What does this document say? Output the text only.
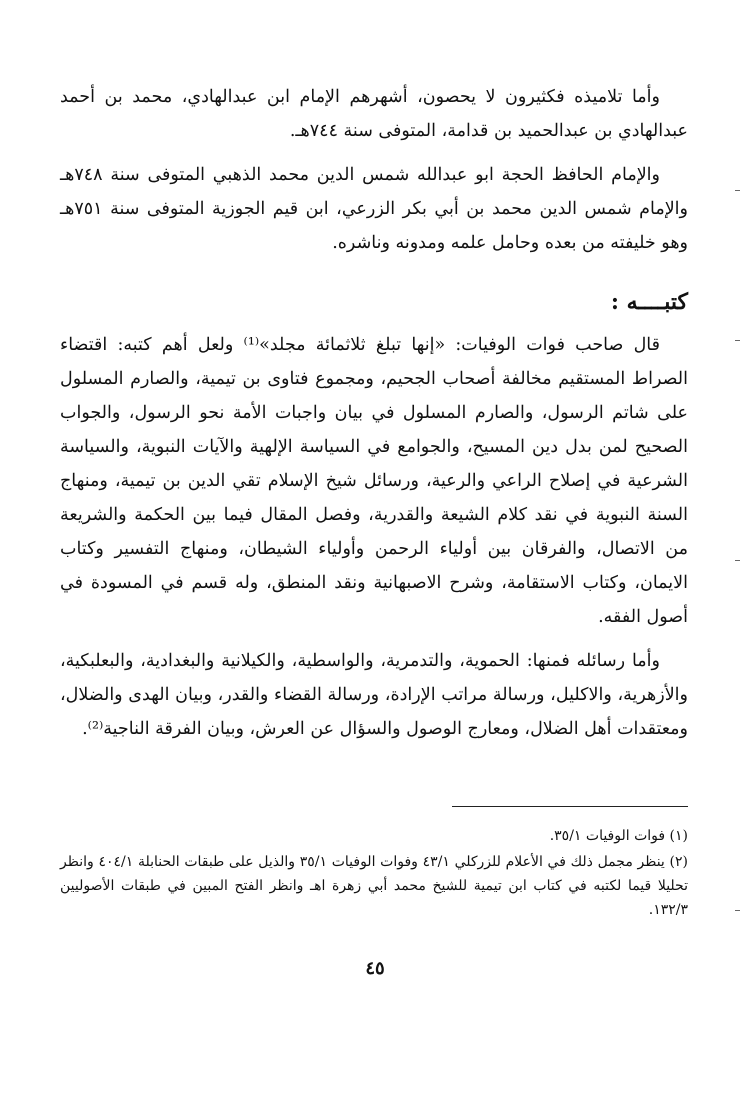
وأما تلاميذه فكثيرون لا يحصون، أشهرهم الإمام ابن عبدالهادي، محمد بن أحمد عبدالهادي بن عبدالحميد بن قدامة، المتوفى سنة ٧٤٤هـ.

والإمام الحافظ الحجة ابو عبدالله شمس الدين محمد الذهبي المتوفى سنة ٧٤٨هـ والإمام شمس الدين محمد بن أبي بكر الزرعي، ابن قيم الجوزية المتوفى سنة ٧٥١هـ وهو خليفته من بعده وحامل علمه ومدونه وناشره.

كتبــــه :

قال صاحب فوات الوفيات: «إنها تبلغ ثلاثمائة مجلد»⁽¹⁾ ولعل أهم كتبه: اقتضاء الصراط المستقيم مخالفة أصحاب الجحيم، ومجموع فتاوى بن تيمية، والصارم المسلول على شاتم الرسول، والصارم المسلول في بيان واجبات الأمة نحو الرسول، والجواب الصحيح لمن بدل دين المسيح، والجوامع في السياسة الإلهية والآيات النبوية، والسياسة الشرعية في إصلاح الراعي والرعية، ورسائل شيخ الإسلام تقي الدين بن تيمية، ومنهاج السنة النبوية في نقد كلام الشيعة والقدرية، وفصل المقال فيما بين الحكمة والشريعة من الاتصال، والفرقان بين أولياء الرحمن وأولياء الشيطان، ومنهاج التفسير وكتاب الايمان، وكتاب الاستقامة، وشرح الاصبهانية ونقد المنطق، وله قسم في المسودة في أصول الفقه.

وأما رسائله فمنها: الحموية، والتدمرية، والواسطية، والكيلانية والبغدادية، والبعلبكية، والأزهرية، والاكليل، ورسالة مراتب الإرادة، ورسالة القضاء والقدر، وبيان الهدى والضلال، ومعتقدات أهل الضلال، ومعارج الوصول والسؤال عن العرش، وبيان الفرقة الناجية⁽²⁾.

(١) فوات الوفيات ٣٥/١.

(٢) ينظر مجمل ذلك في الأعلام للزركلي ٤٣/١ وفوات الوفيات ٣٥/١ والذيل على طبقات الحنابلة ٤٠٤/١ وانظر تحليلا قيما لكتبه في كتاب ابن تيمية للشيخ محمد أبي زهرة اهـ وانظر الفتح المبين في طبقات الأصوليين ١٣٢/٣.

٤٥
